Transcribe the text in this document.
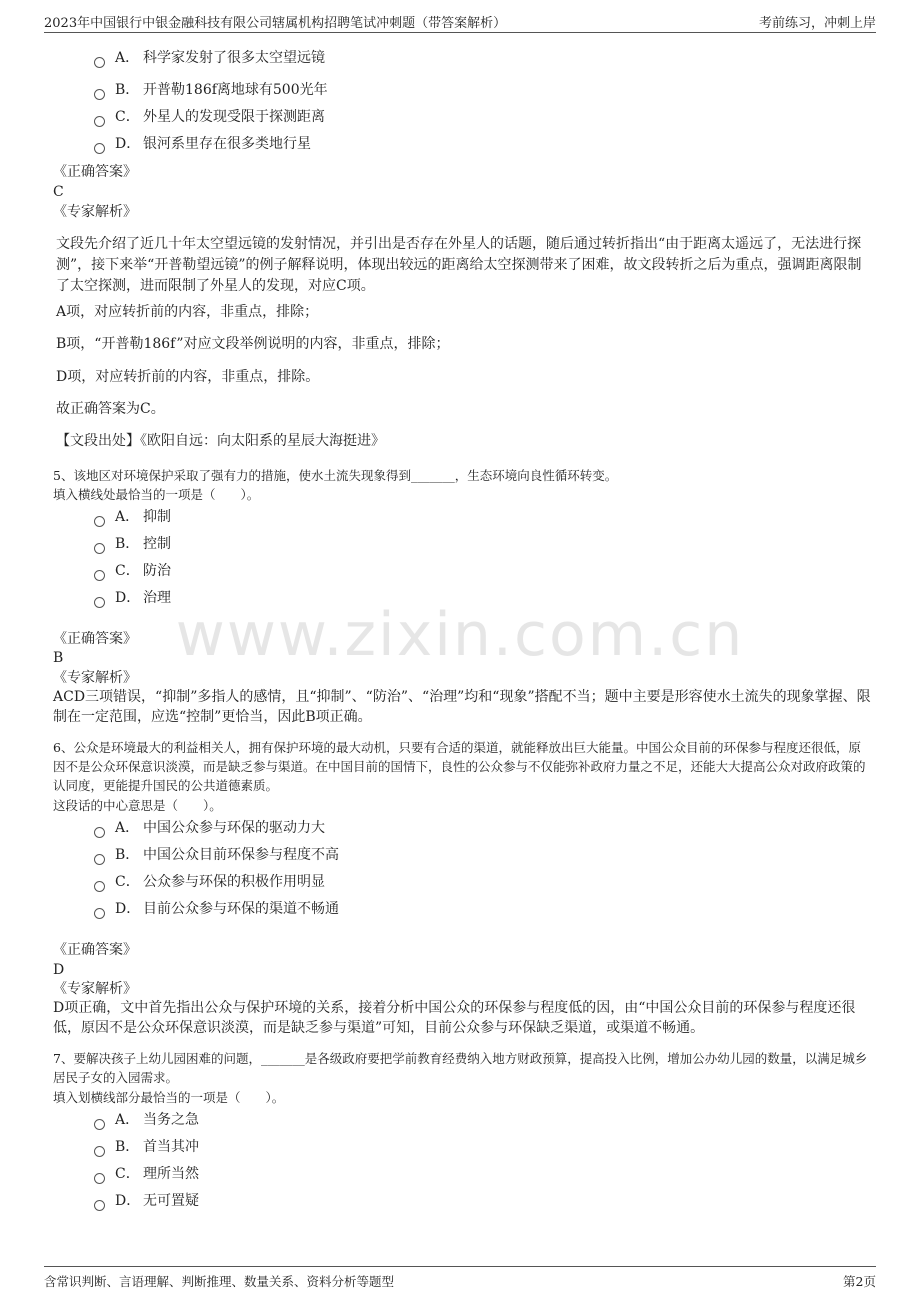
2023年中国银行中银金融科技有限公司辖属机构招聘笔试冲刺题（带答案解析）	考前练习，冲刺上岸
www.zixin.com.cn
A． 科学家发射了很多太空望远镜
B． 开普勒186f离地球有500光年
C． 外星人的发现受限于探测距离
D． 银河系里存在很多类地行星
《正确答案》
C
《专家解析》
文段先介绍了近几十年太空望远镜的发射情况，并引出是否存在外星人的话题，随后通过转折指出“由于距离太遥远了，无法进行探测”，接下来举“开普勒望远镜”的例子解释说明，体现出较远的距离给太空探测带来了困难，故文段转折之后为重点，强调距离限制了太空探测，进而限制了外星人的发现，对应C项。
A项，对应转折前的内容，非重点，排除；
B项，“开普勒186f”对应文段举例说明的内容，非重点，排除；
D项，对应转折前的内容，非重点，排除。
故正确答案为C。
【文段出处】《欧阳自远：向太阳系的星辰大海挺进》
5、该地区对环境保护采取了强有力的措施，使水土流失现象得到_______，生态环境向良性循环转变。
填入横线处最恰当的一项是（　　）。
A． 抑制
B． 控制
C． 防治
D． 治理
《正确答案》
B
《专家解析》
ACD三项错误，“抑制”多指人的感情，且“抑制”、“防治”、“治理”均和“现象”搭配不当；题中主要是形容使水土流失的现象掌握、限制在一定范围，应选“控制”更恰当，因此B项正确。
6、公众是环境最大的利益相关人，拥有保护环境的最大动机，只要有合适的渠道，就能释放出巨大能量。中国公众目前的环保参与程度还很低，原因不是公众环保意识淡漠，而是缺乏参与渠道。在中国目前的国情下，良性的公众参与不仅能弥补政府力量之不足，还能大大提高公众对政府政策的认同度，更能提升国民的公共道德素质。
这段话的中心意思是（　　）。
A． 中国公众参与环保的驱动力大
B． 中国公众目前环保参与程度不高
C． 公众参与环保的积极作用明显
D． 目前公众参与环保的渠道不畅通
《正确答案》
D
《专家解析》
D项正确，文中首先指出公众与保护环境的关系，接着分析中国公众的环保参与程度低的因，由“中国公众目前的环保参与程度还很低，原因不是公众环保意识淡漠，而是缺乏参与渠道”可知，目前公众参与环保缺乏渠道，或渠道不畅通。
7、要解决孩子上幼儿园困难的问题，_______是各级政府要把学前教育经费纳入地方财政预算，提高投入比例，增加公办幼儿园的数量，以满足城乡居民子女的入园需求。
填入划横线部分最恰当的一项是（　　）。
A． 当务之急
B． 首当其冲
C． 理所当然
D． 无可置疑
含常识判断、言语理解、判断推理、数量关系、资料分析等题型	第2页
